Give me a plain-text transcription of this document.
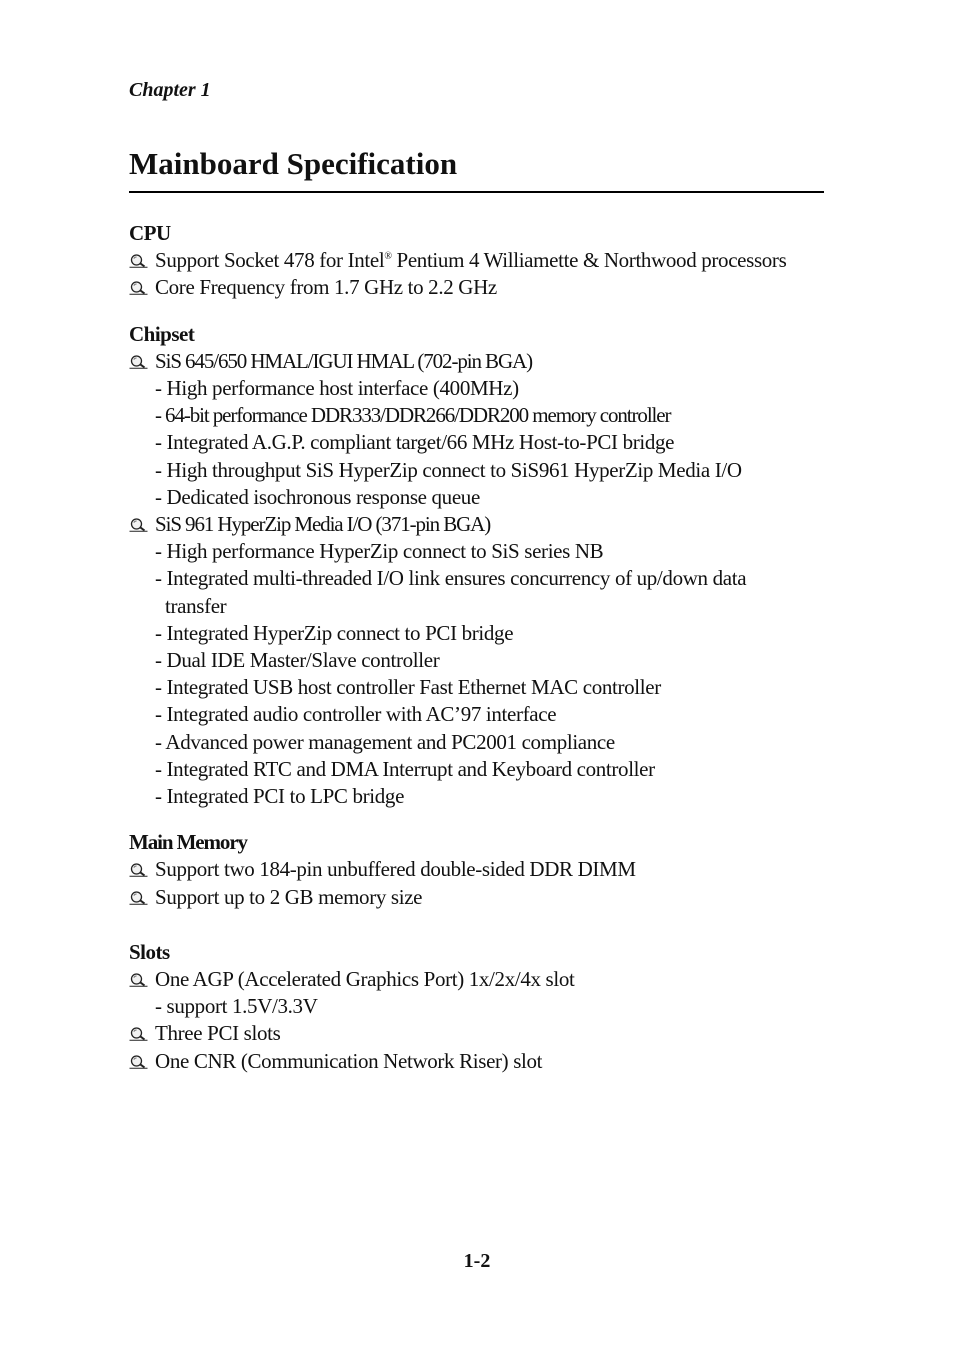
Chapter 1
Mainboard Specification
CPU
Support Socket 478 for Intel® Pentium 4 Williamette & Northwood processors
Core Frequency from 1.7 GHz to 2.2 GHz
Chipset
SiS 645/650 HMAL/IGUI HMAL (702-pin BGA)
- High performance host interface (400MHz)
- 64-bit performance DDR333/DDR266/DDR200 memory controller
- Integrated A.G.P. compliant target/66 MHz Host-to-PCI bridge
- High throughput SiS HyperZip connect to SiS961 HyperZip Media I/O
- Dedicated isochronous response queue
SiS 961 HyperZip Media I/O (371-pin BGA)
- High performance HyperZip connect to SiS series NB
- Integrated multi-threaded I/O link ensures concurrency of up/down data
transfer
- Integrated HyperZip connect to PCI bridge
- Dual IDE Master/Slave controller
- Integrated USB host controller Fast Ethernet MAC controller
- Integrated audio controller with AC’97 interface
- Advanced power management and PC2001 compliance
- Integrated RTC and DMA Interrupt and Keyboard controller
- Integrated PCI to LPC bridge
Main Memory
Support two 184-pin unbuffered double-sided DDR DIMM
Support up to 2 GB memory size
Slots
One AGP (Accelerated Graphics Port) 1x/2x/4x slot
- support 1.5V/3.3V
Three PCI slots
One CNR (Communication Network Riser) slot
1-2
